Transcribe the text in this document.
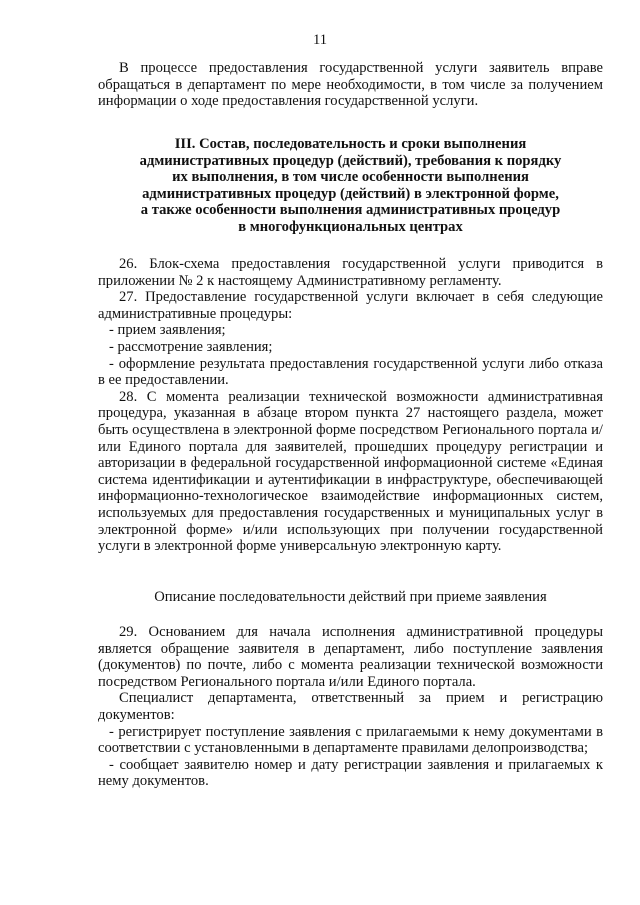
11

В процессе предоставления государственной услуги заявитель вправе обращаться в департамент по мере необходимости, в том числе за получением информации о ходе предоставления государственной услуги.

III. Состав, последовательность и сроки выполнения
административных процедур (действий), требования к порядку
их выполнения, в том числе особенности выполнения
административных процедур (действий) в электронной форме,
а также особенности выполнения административных процедур
в многофункциональных центрах

26. Блок-схема предоставления государственной услуги приводится в приложении № 2 к настоящему Административному регламенту.

27. Предоставление государственной услуги включает в себя следующие административные процедуры:

- прием заявления;

- рассмотрение заявления;

- оформление результата предоставления государственной услуги либо отказа в ее предоставлении.

28. С момента реализации технической возможности административная процедура, указанная в абзаце втором пункта 27 настоящего раздела, может быть осуществлена в электронной форме посредством Регионального портала и/или Единого портала для заявителей, прошедших процедуру регистрации и авторизации в федеральной государственной информационной системе «Единая система идентификации и аутентификации в инфраструктуре, обеспечивающей информационно-технологическое взаимодействие информационных систем, используемых для предоставления государственных и муниципальных услуг в электронной форме» и/или использующих при получении государственной услуги в электронной форме универсальную электронную карту.

Описание последовательности действий при приеме заявления

29. Основанием для начала исполнения административной процедуры является обращение заявителя в департамент, либо поступление заявления (документов) по почте, либо с момента реализации технической возможности посредством Регионального портала и/или Единого портала.

Специалист департамента, ответственный за прием и регистрацию документов:

- регистрирует поступление заявления с прилагаемыми к нему документами в соответствии с установленными в департаменте правилами делопроизводства;

- сообщает заявителю номер и дату регистрации заявления и прилагаемых к нему документов.
